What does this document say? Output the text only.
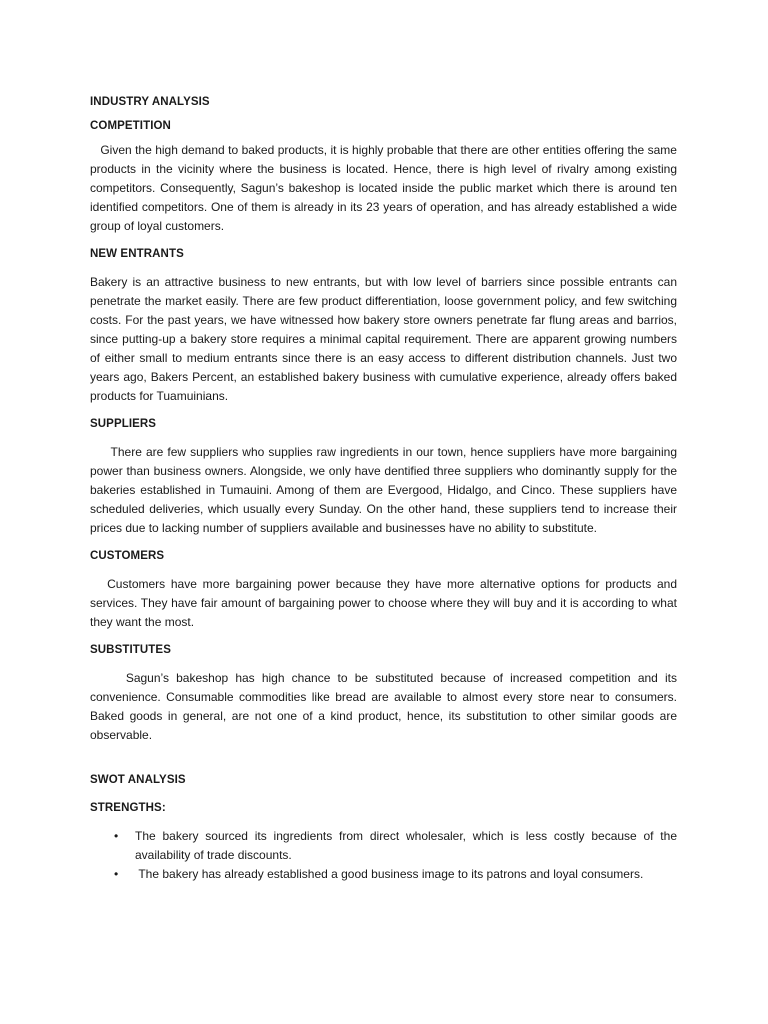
INDUSTRY ANALYSIS

COMPETITION

Given the high demand to baked products, it is highly probable that there are other entities offering the same products in the vicinity where the business is located. Hence, there is high level of rivalry among existing competitors. Consequently, Sagun’s bakeshop is located inside the public market which there is around ten identified competitors. One of them is already in its 23 years of operation, and has already established a wide group of loyal customers.

NEW ENTRANTS

Bakery is an attractive business to new entrants, but with low level of barriers since possible entrants can penetrate the market easily. There are few product differentiation, loose government policy, and few switching costs. For the past years, we have witnessed how bakery store owners penetrate far flung areas and barrios, since putting-up a bakery store requires a minimal capital requirement. There are apparent growing numbers of either small to medium entrants since there is an easy access to different distribution channels. Just two years ago, Bakers Percent, an established bakery business with cumulative experience, already offers baked products for Tuamuinians.

SUPPLIERS

There are few suppliers who supplies raw ingredients in our town, hence suppliers have more bargaining power than business owners. Alongside, we only have dentified three suppliers who dominantly supply for the bakeries established in Tumauini. Among of them are Evergood, Hidalgo, and Cinco. These suppliers have scheduled deliveries, which usually every Sunday. On the other hand, these suppliers tend to increase their prices due to lacking number of suppliers available and businesses have no ability to substitute.

CUSTOMERS

Customers have more bargaining power because they have more alternative options for products and services. They have fair amount of bargaining power to choose where they will buy and it is according to what they want the most.

SUBSTITUTES

Sagun’s bakeshop has high chance to be substituted because of increased competition and its convenience. Consumable commodities like bread are available to almost every store near to consumers. Baked goods in general, are not one of a kind product, hence, its substitution to other similar goods are observable.

SWOT ANALYSIS

STRENGTHS:

• The bakery sourced its ingredients from direct wholesaler, which is less costly because of the availability of trade discounts.
• The bakery has already established a good business image to its patrons and loyal consumers.
